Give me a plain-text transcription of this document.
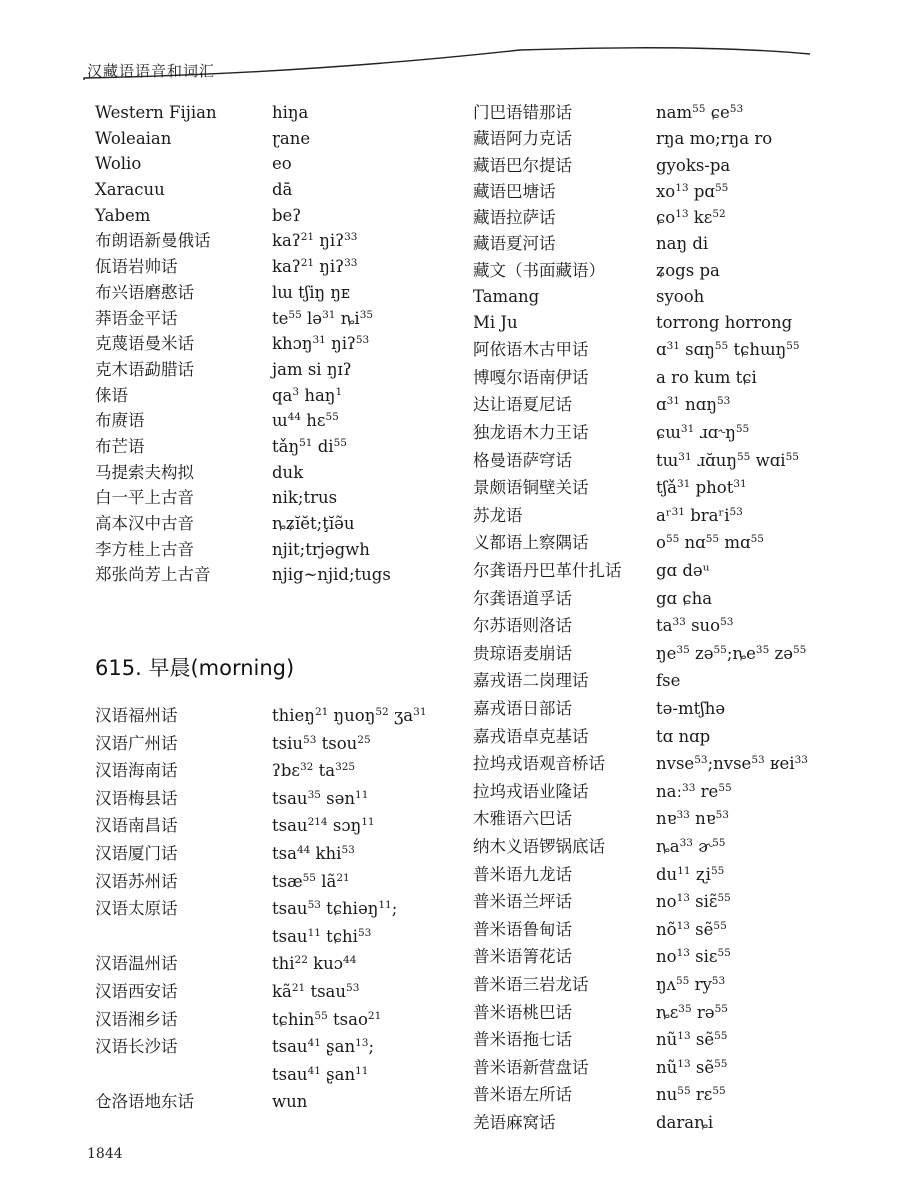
汉藏语语音和词汇
Western Fijian	hiŋa
Woleaian	ɽane
Wolio	eo
Xaracuu	dā
Yabem	beʔ
布朗语新曼俄话	kaʔ$^{21}$ ŋiʔ$^{33}$
佤语岩帅话	kaʔ$^{21}$ ŋiʔ$^{33}$
布兴语磨憨话	lɯ tʃiŋ ŋᴇ
莽语金平话	$te^{55}$ lə$^{31}$ $ȵi^{35}$
克蔑语曼米话	khɔŋ$^{31}$ ŋiʔ$^{53}$
克木语勐腊话	jam si ŋɪʔ
俫语	$qa^3$ haŋ$^1$
布赓语	ɯ$^{44}$ hɛ$^{55}$
布芒语	tǎŋ$^{51}$ $di^{55}$
马提索夫构拟	duk
白一平上古音	nik;trus
高本汉中古音	ȵʑĭĕt;ţĭə̃u
李方桂上古音	njit;trjəgwh
郑张尚芳上古音	njig~njid;tugs
615. 早晨(morning)
汉语福州话	thieŋ$^{21}$ ŋuoŋ$^{52}$ ʒa$^{31}$
汉语广州话	tsiu$^{53}$ tsou$^{25}$
汉语海南话	ʔbɛ$^{32}$ $ta^{325}$
汉语梅县话	tsau$^{35}$ sən$^{11}$
汉语南昌话	tsau$^{214}$ sɔŋ$^{11}$
汉语厦门话	tsa$^{44}$ khi$^{53}$
汉语苏州话	tsæ$^{55}$ $lã^{21}$
汉语太原话	tsau$^{53}$ tɕhiəŋ$^{11}$;
tsau$^{11}$ tɕhi$^{53}$
汉语温州话	thi$^{22}$ kuɔ$^{44}$
汉语西安话	$kã^{21}$ tsau$^{53}$
汉语湘乡话	tɕhin$^{55}$ tsao$^{21}$
汉语长沙话	tsau$^{41}$ ʂan$^{13}$;
tsau$^{41}$ ʂan$^{11}$
仓洛语地东话	wun
门巴语错那话	nam$^{55}$ ɕe$^{53}$
藏语阿力克话	rŋa mo;rŋa ro
藏语巴尔提话	gyoks-pa
藏语巴塘话	$xo^{13}$ pɑ$^{55}$
藏语拉萨话	ɕo$^{13}$ kɛ$^{52}$
藏语夏河话	naŋ di
藏文（书面藏语）	ʑogs pa
Tamang	syooh
Mi Ju	torrong horrong
阿依语木古甲话	ɑ$^{31}$ sɑŋ$^{55}$ tɕhɯŋ$^{55}$
博嘎尔语南伊话	a ro kum tɕi
达让语夏尼话	ɑ$^{31}$ nɑŋ$^{53}$
独龙语木力王话	ɕɯ$^{31}$ $ɹɑ˞ŋ^{55}$
格曼语萨穹话	tɯ$^{31}$ $ɹɑ̆uŋ^{55}$ wɑi$^{55}$
景颇语铜壁关话	tʃǎ$^{31}$ phot$^{31}$
苏龙语	aʳ$^{31}$ braʳi$^{53}$
义都语上察隅话	$o^{55}$ nɑ$^{55}$ mɑ$^{55}$
尔龚语丹巴革什扎话 gɑ dəᵘ
尔龚语道孚话	gɑ ɕha
尔苏语则洛话	$ta^{33}$ suo$^{53}$
贵琼语麦崩话	$ŋe^{35}$ $zə^{55};ȵe^{35}$ zə$^{55}$
嘉戎语二岗理话	fse
嘉戎语日部话	tə-mtʃhə
嘉戎语卓克基话	tɑ nɑp
拉坞戎语观音桥话	nvse$^{53}$;nvse$^{53}$ ʁei$^{33}$
拉坞戎语业隆话	naː$^{33}$ $re^{55}$
木雅语六巴话	nɐ$^{33}$ nɐ$^{53}$
纳木义语锣锅底话	$ȵa^{33}$ ɚ$^{55}$
普米语九龙话	$du^{11}$ ʐi$^{55}$
普米语兰坪话	$no^{13}$ siɛ̃$^{55}$
普米语鲁甸话	$nõ^{13}$ sẽ$^{55}$
普米语箐花话	$no^{13}$ siɛ$^{55}$
普米语三岩龙话	ŋʌ$^{55}$ $ry^{53}$
普米语桃巴话	ȵɛ$^{35}$ rə$^{55}$
普米语拖七话	$nũ^{13}$ sẽ$^{55}$
普米语新营盘话	$nũ^{13}$ sẽ$^{55}$
普米语左所话	$nu^{55}$ rɛ$^{55}$
羌语麻窝话	daraȵi
1844
